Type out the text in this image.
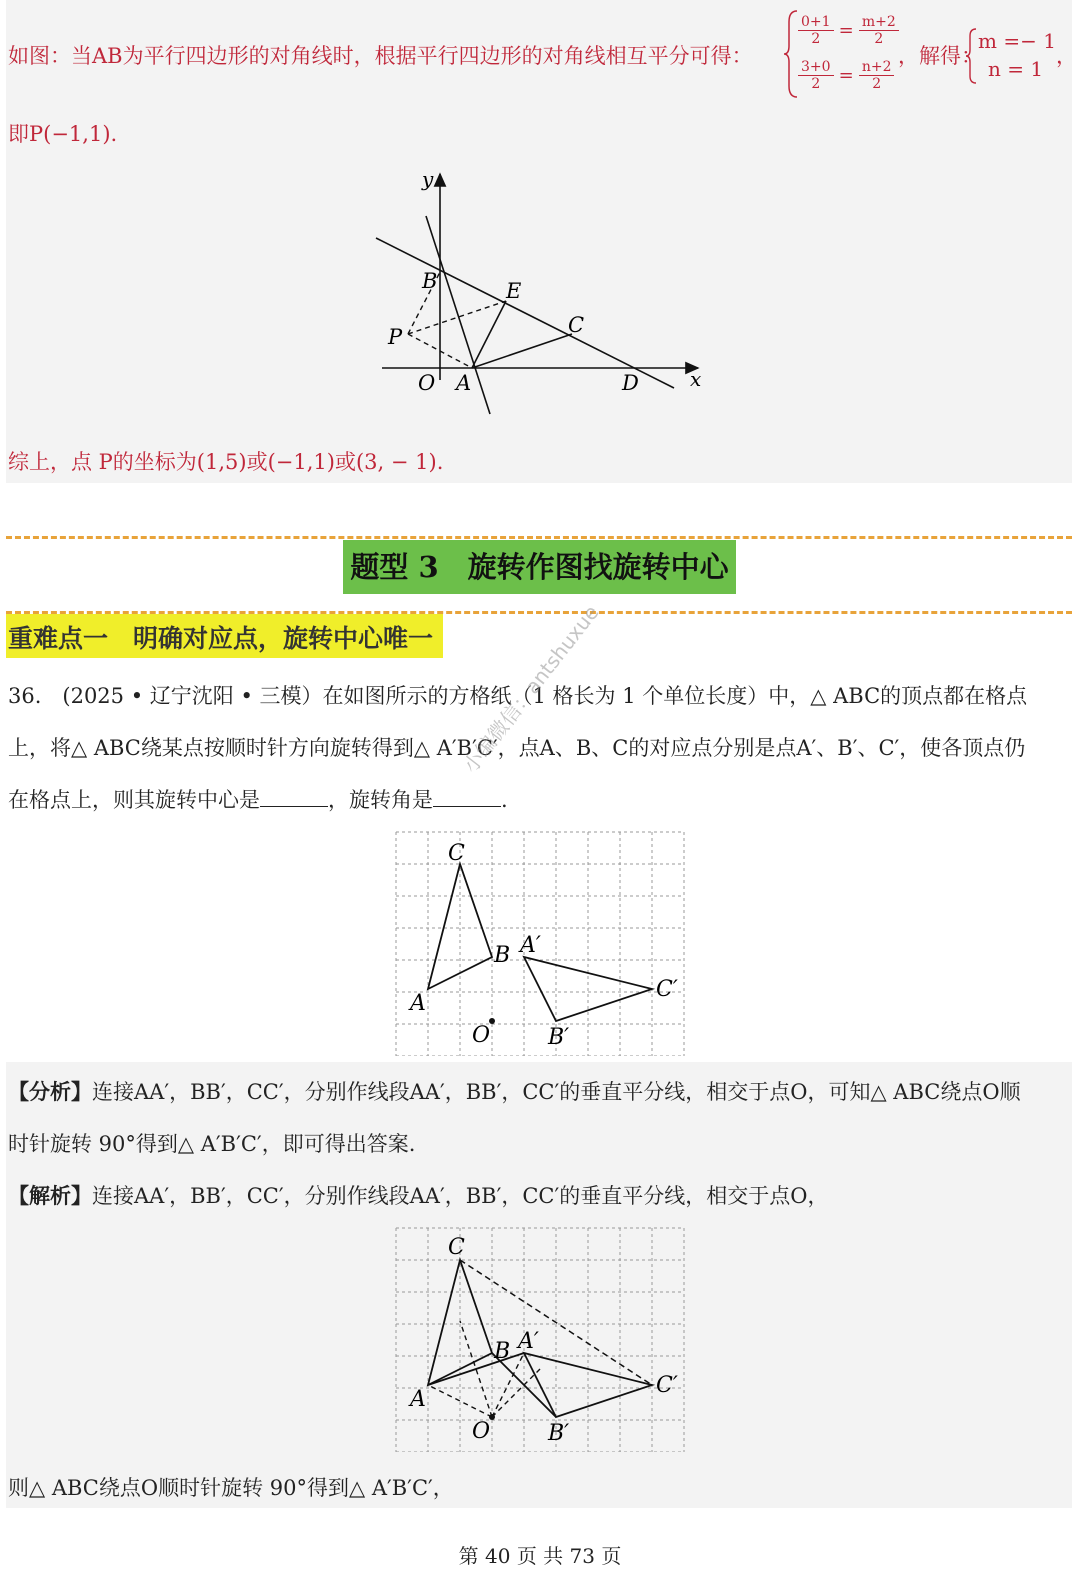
如图：当AB为平行四边形的对角线时，根据平行四边形的对角线相互平分可得：
$\frac{0+1}{2} = \frac{m+2}{2}$
$\frac{3+0}{2} = \frac{n+2}{2}$
，解得：
m =− 1
n = 1
，
即P(−1,1).
y
x
O A
B
P
E
C
D
综上，点 P的坐标为(1,5)或(−1,1)或(3, − 1).
题型 3　旋转作图找旋转中心
重难点一　明确对应点，旋转中心唯一
36.　(2025 • 辽宁沈阳 • 三模）在如图所示的方格纸（1 格长为 1 个单位长度）中，△ ABC的顶点都在格点
上，将△ ABC绕某点按顺时针方向旋转得到△ A′B′C′，点A、B、C的对应点分别是点A′、B′、C′，使各顶点仍
在格点上，则其旋转中心是	，旋转角是	.
小编微信：antshuxue
C
B
A
O
A′
B′
C′
【分析】连接AA′，BB′，CC′，分别作线段AA′，BB′，CC′的垂直平分线，相交于点O，可知△ ABC绕点O顺
时针旋转 90°得到△ A′B′C′，即可得出答案.
【解析】连接AA′，BB′，CC′，分别作线段AA′，BB′，CC′的垂直平分线，相交于点O，
C
B
A
O
A′
B′
C′
则△ ABC绕点O顺时针旋转 90°得到△ A′B′C′，
第 40 页 共 73 页
